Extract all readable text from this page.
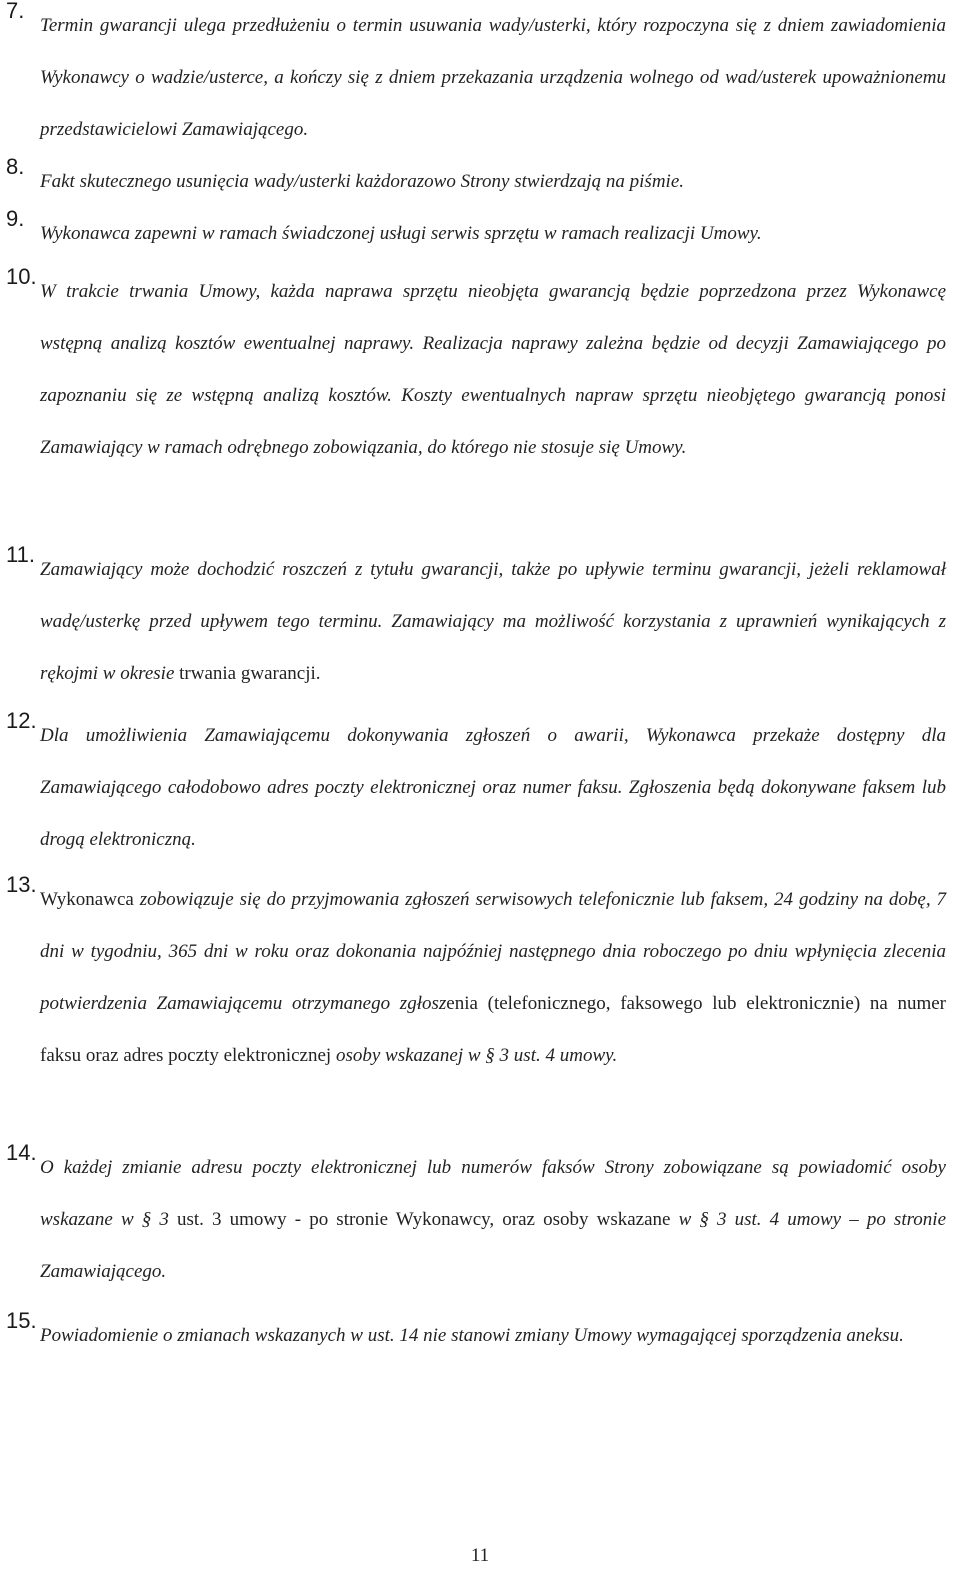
7.
Termin gwarancji ulega przedłużeniu o termin usuwania wady/usterki, który rozpoczyna się z dniem zawiadomienia Wykonawcy o wadzie/usterce, a kończy się z dniem przekazania urządzenia wolnego od wad/usterek upoważnionemu przedstawicielowi Zamawiającego.
8.
Fakt skutecznego usunięcia wady/usterki każdorazowo Strony stwierdzają na piśmie.
9.
Wykonawca zapewni w ramach świadczonej usługi serwis sprzętu w ramach realizacji Umowy.
10.
W trakcie trwania Umowy, każda naprawa sprzętu nieobjęta gwarancją będzie poprzedzona przez Wykonawcę wstępną analizą kosztów ewentualnej naprawy. Realizacja naprawy zależna będzie od decyzji Zamawiającego po zapoznaniu się ze wstępną analizą kosztów. Koszty ewentualnych napraw sprzętu nieobjętego gwarancją ponosi Zamawiający w ramach odrębnego zobowiązania, do którego nie stosuje się Umowy.
11.
Zamawiający może dochodzić roszczeń z tytułu gwarancji, także po upływie terminu gwarancji, jeżeli reklamował wadę/usterkę przed upływem tego terminu. Zamawiający ma możliwość korzystania z uprawnień wynikających z rękojmi w okresie trwania gwarancji.
12.
Dla umożliwienia Zamawiającemu dokonywania zgłoszeń o awarii, Wykonawca przekaże dostępny dla Zamawiającego całodobowo adres poczty elektronicznej oraz numer faksu. Zgłoszenia będą dokonywane faksem lub drogą elektroniczną.
13.
Wykonawca zobowiązuje się do przyjmowania zgłoszeń serwisowych telefonicznie lub faksem, 24 godziny na dobę, 7 dni w tygodniu, 365 dni w roku oraz dokonania najpóźniej następnego dnia roboczego po dniu wpłynięcia zlecenia potwierdzenia Zamawiającemu otrzymanego zgłoszenia (telefonicznego, faksowego lub elektronicznie) na numer faksu oraz adres poczty elektronicznej osoby wskazanej w § 3 ust. 4 umowy.
14.
O każdej zmianie adresu poczty elektronicznej lub numerów faksów Strony zobowiązane są powiadomić osoby wskazane w § 3 ust. 3 umowy - po stronie Wykonawcy, oraz osoby wskazane w § 3 ust. 4 umowy – po stronie Zamawiającego.
15.
Powiadomienie o zmianach wskazanych w ust. 14 nie stanowi zmiany Umowy wymagającej sporządzenia aneksu.
11
